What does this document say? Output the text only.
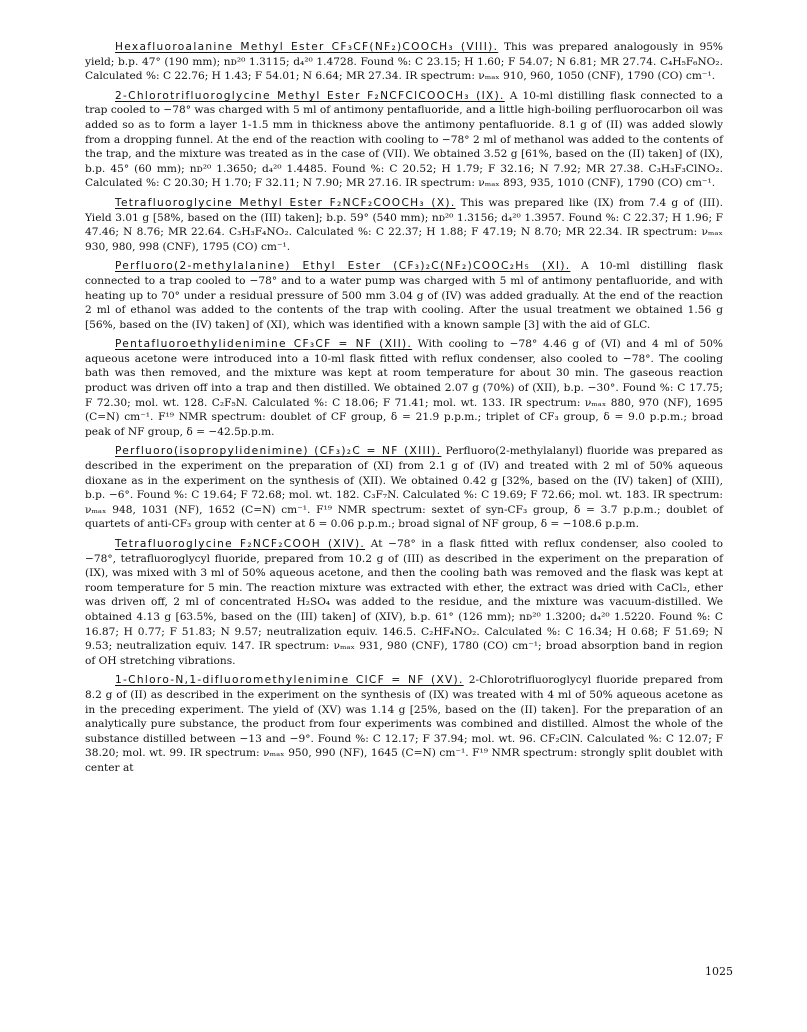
Hexafluoroalanine Methyl Ester CF₃CF(NF₂)COOCH₃ (VIII). This was prepared analogously in 95% yield; b.p. 47° (190 mm); nᴅ²⁰ 1.3115; d₄²⁰ 1.4728. Found %: C 23.15; H 1.60; F 54.07; N 6.81; MR 27.74. C₄H₅F₆NO₂. Calculated %: C 22.76; H 1.43; F 54.01; N 6.64; MR 27.34. IR spectrum: νₘₐₓ 910, 960, 1050 (CNF), 1790 (CO) cm⁻¹.

2-Chlorotrifluoroglycine Methyl Ester F₂NCFClCOOCH₃ (IX). A 10-ml distilling flask connected to a trap cooled to −78° was charged with 5 ml of antimony pentafluoride, and a little high-boiling perfluorocarbon oil was added so as to form a layer 1-1.5 mm in thickness above the antimony pentafluoride. 8.1 g of (II) was added slowly from a dropping funnel. At the end of the reaction with cooling to −78° 2 ml of methanol was added to the contents of the trap, and the mixture was treated as in the case of (VII). We obtained 3.52 g [61%, based on the (II) taken] of (IX), b.p. 45° (60 mm); nᴅ²⁰ 1.3650; d₄²⁰ 1.4485. Found %: C 20.52; H 1.79; F 32.16; N 7.92; MR 27.38. C₃H₃F₃ClNO₂. Calculated %: C 20.30; H 1.70; F 32.11; N 7.90; MR 27.16. IR spectrum: νₘₐₓ 893, 935, 1010 (CNF), 1790 (CO) cm⁻¹.

Tetrafluoroglycine Methyl Ester F₂NCF₂COOCH₃ (X). This was prepared like (IX) from 7.4 g of (III). Yield 3.01 g [58%, based on the (III) taken]; b.p. 59° (540 mm); nᴅ²⁰ 1.3156; d₄²⁰ 1.3957. Found %: C 22.37; H 1.96; F 47.46; N 8.76; MR 22.64. C₃H₃F₄NO₂. Calculated %: C 22.37; H 1.88; F 47.19; N 8.70; MR 22.34. IR spectrum: νₘₐₓ 930, 980, 998 (CNF), 1795 (CO) cm⁻¹.

Perfluoro(2-methylalanine) Ethyl Ester (CF₃)₂C(NF₂)COOC₂H₅ (XI). A 10-ml distilling flask connected to a trap cooled to −78° and to a water pump was charged with 5 ml of antimony pentafluoride, and with heating up to 70° under a residual pressure of 500 mm 3.04 g of (IV) was added gradually. At the end of the reaction 2 ml of ethanol was added to the contents of the trap with cooling. After the usual treatment we obtained 1.56 g [56%, based on the (IV) taken] of (XI), which was identified with a known sample [3] with the aid of GLC.

Pentafluoroethylidenimine CF₃CF = NF (XII). With cooling to −78° 4.46 g of (VI) and 4 ml of 50% aqueous acetone were introduced into a 10-ml flask fitted with reflux condenser, also cooled to −78°. The cooling bath was then removed, and the mixture was kept at room temperature for about 30 min. The gaseous reaction product was driven off into a trap and then distilled. We obtained 2.07 g (70%) of (XII), b.p. −30°. Found %: C 17.75; F 72.30; mol. wt. 128. C₂F₅N. Calculated %: C 18.06; F 71.41; mol. wt. 133. IR spectrum: νₘₐₓ 880, 970 (NF), 1695 (C=N) cm⁻¹. F¹⁹ NMR spectrum: doublet of CF group, δ = 21.9 p.p.m.; triplet of CF₃ group, δ = 9.0 p.p.m.; broad peak of NF group, δ = −42.5p.p.m.

Perfluoro(isopropylidenimine) (CF₃)₂C = NF (XIII). Perfluoro(2-methylalanyl) fluoride was prepared as described in the experiment on the preparation of (XI) from 2.1 g of (IV) and treated with 2 ml of 50% aqueous dioxane as in the experiment on the synthesis of (XII). We obtained 0.42 g [32%, based on the (IV) taken] of (XIII), b.p. −6°. Found %: C 19.64; F 72.68; mol. wt. 182. C₃F₇N. Calculated %: C 19.69; F 72.66; mol. wt. 183. IR spectrum: νₘₐₓ 948, 1031 (NF), 1652 (C=N) cm⁻¹. F¹⁹ NMR spectrum: sextet of syn-CF₃ group, δ = 3.7 p.p.m.; doublet of quartets of anti-CF₃ group with center at δ = 0.06 p.p.m.; broad signal of NF group, δ = −108.6 p.p.m.

Tetrafluoroglycine F₂NCF₂COOH (XIV). At −78° in a flask fitted with reflux condenser, also cooled to −78°, tetrafluoroglycyl fluoride, prepared from 10.2 g of (III) as described in the experiment on the preparation of (IX), was mixed with 3 ml of 50% aqueous acetone, and then the cooling bath was removed and the flask was kept at room temperature for 5 min. The reaction mixture was extracted with ether, the extract was dried with CaCl₂, ether was driven off, 2 ml of concentrated H₂SO₄ was added to the residue, and the mixture was vacuum-distilled. We obtained 4.13 g [63.5%, based on the (III) taken] of (XIV), b.p. 61° (126 mm); nᴅ²⁰ 1.3200; d₄²⁰ 1.5220. Found %: C 16.87; H 0.77; F 51.83; N 9.57; neutralization equiv. 146.5. C₂HF₄NO₂. Calculated %: C 16.34; H 0.68; F 51.69; N 9.53; neutralization equiv. 147. IR spectrum: νₘₐₓ 931, 980 (CNF), 1780 (CO) cm⁻¹; broad absorption band in region of OH stretching vibrations.

1-Chloro-N,1-difluoromethylenimine ClCF = NF (XV). 2-Chlorotrifluoroglycyl fluoride prepared from 8.2 g of (II) as described in the experiment on the synthesis of (IX) was treated with 4 ml of 50% aqueous acetone as in the preceding experiment. The yield of (XV) was 1.14 g [25%, based on the (II) taken]. For the preparation of an analytically pure substance, the product from four experiments was combined and distilled. Almost the whole of the substance distilled between −13 and −9°. Found %: C 12.17; F 37.94; mol. wt. 96. CF₂ClN. Calculated %: C 12.07; F 38.20; mol. wt. 99. IR spectrum: νₘₐₓ 950, 990 (NF), 1645 (C=N) cm⁻¹. F¹⁹ NMR spectrum: strongly split doublet with center at

1025
